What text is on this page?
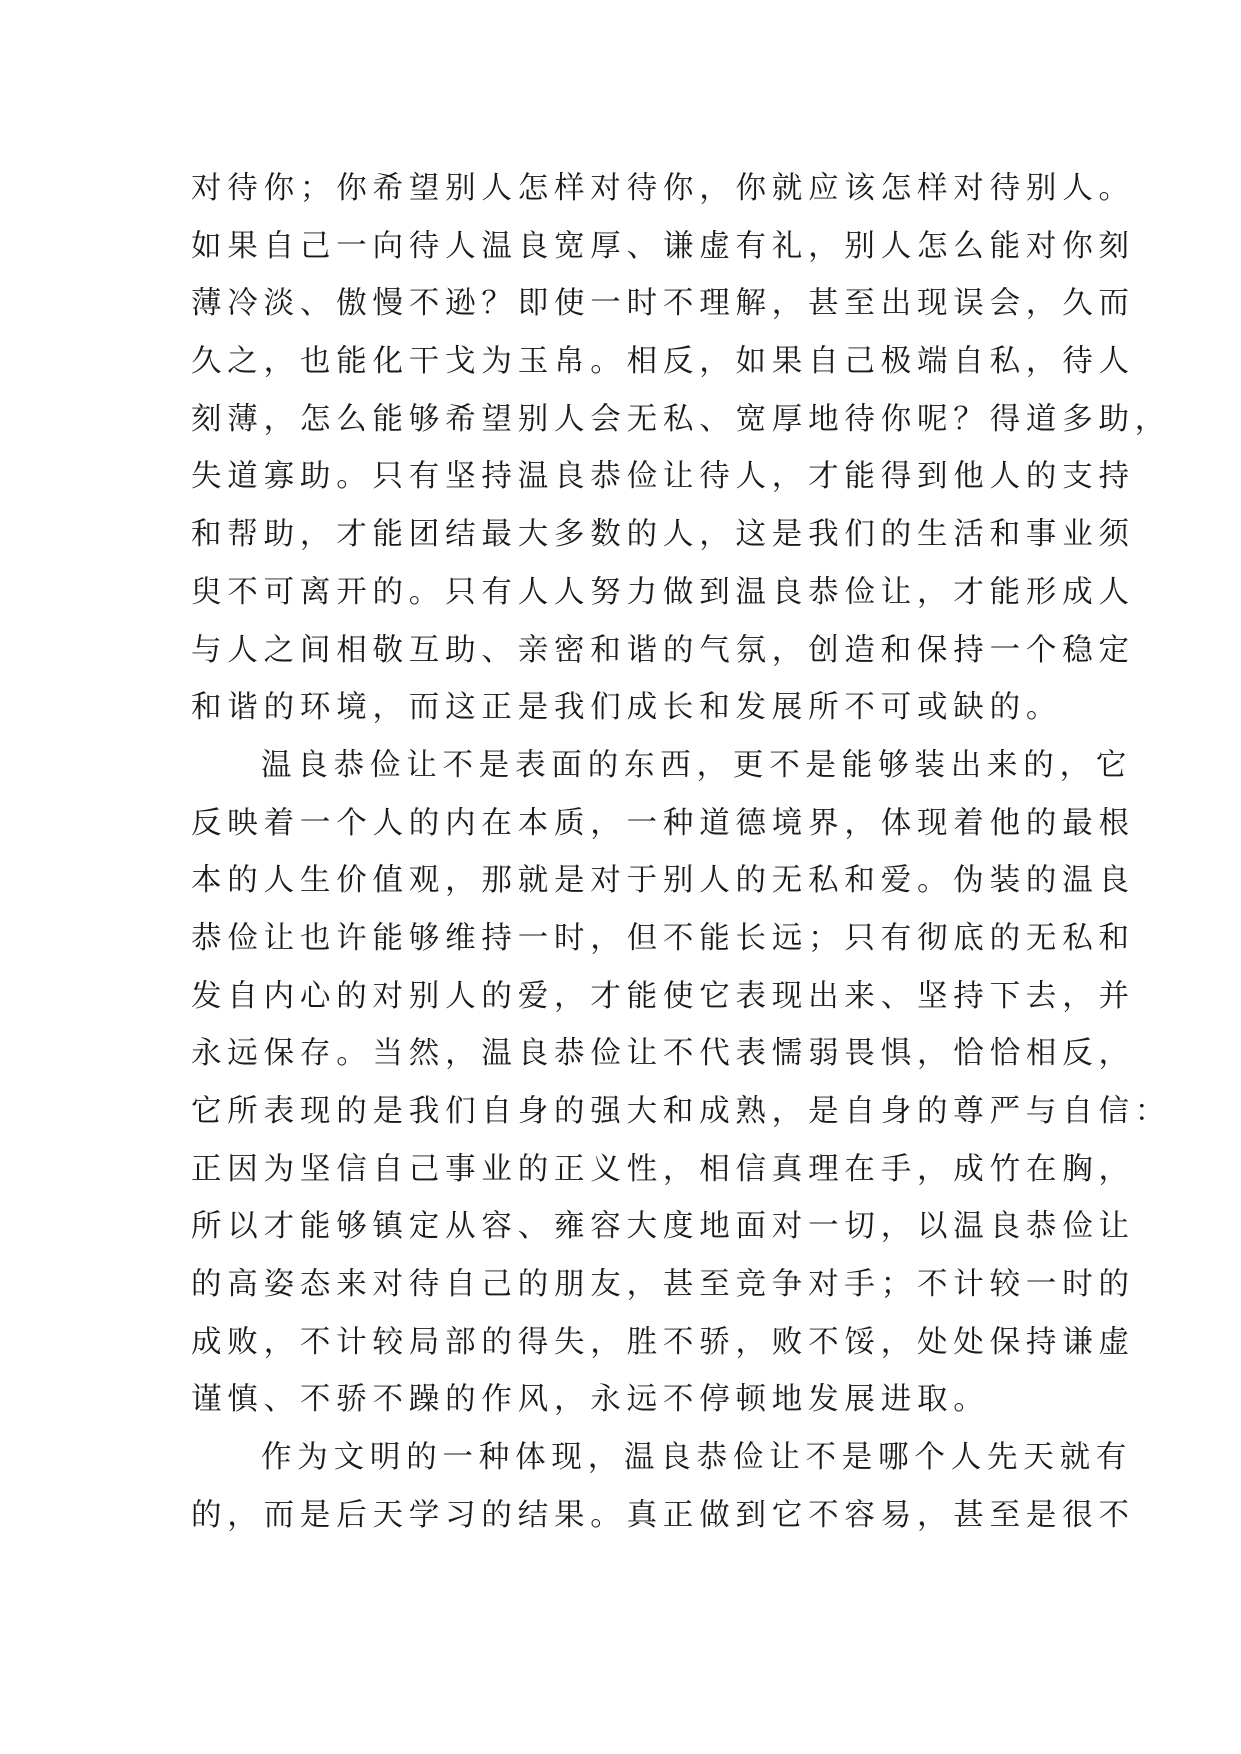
对待你；你希望别人怎样对待你，你就应该怎样对待别人。
如果自己一向待人温良宽厚、谦虚有礼，别人怎么能对你刻
薄冷淡、傲慢不逊？即使一时不理解，甚至出现误会，久而
久之，也能化干戈为玉帛。相反，如果自己极端自私，待人
刻薄，怎么能够希望别人会无私、宽厚地待你呢？得道多助，
失道寡助。只有坚持温良恭俭让待人，才能得到他人的支持
和帮助，才能团结最大多数的人，这是我们的生活和事业须
臾不可离开的。只有人人努力做到温良恭俭让，才能形成人
与人之间相敬互助、亲密和谐的气氛，创造和保持一个稳定
和谐的环境，而这正是我们成长和发展所不可或缺的。
温良恭俭让不是表面的东西，更不是能够装出来的，它
反映着一个人的内在本质，一种道德境界，体现着他的最根
本的人生价值观，那就是对于别人的无私和爱。伪装的温良
恭俭让也许能够维持一时，但不能长远；只有彻底的无私和
发自内心的对别人的爱，才能使它表现出来、坚持下去，并
永远保存。当然，温良恭俭让不代表懦弱畏惧，恰恰相反，
它所表现的是我们自身的强大和成熟，是自身的尊严与自信：
正因为坚信自己事业的正义性，相信真理在手，成竹在胸，
所以才能够镇定从容、雍容大度地面对一切，以温良恭俭让
的高姿态来对待自己的朋友，甚至竞争对手；不计较一时的
成败，不计较局部的得失，胜不骄，败不馁，处处保持谦虚
谨慎、不骄不躁的作风，永远不停顿地发展进取。
作为文明的一种体现，温良恭俭让不是哪个人先天就有
的，而是后天学习的结果。真正做到它不容易，甚至是很不
